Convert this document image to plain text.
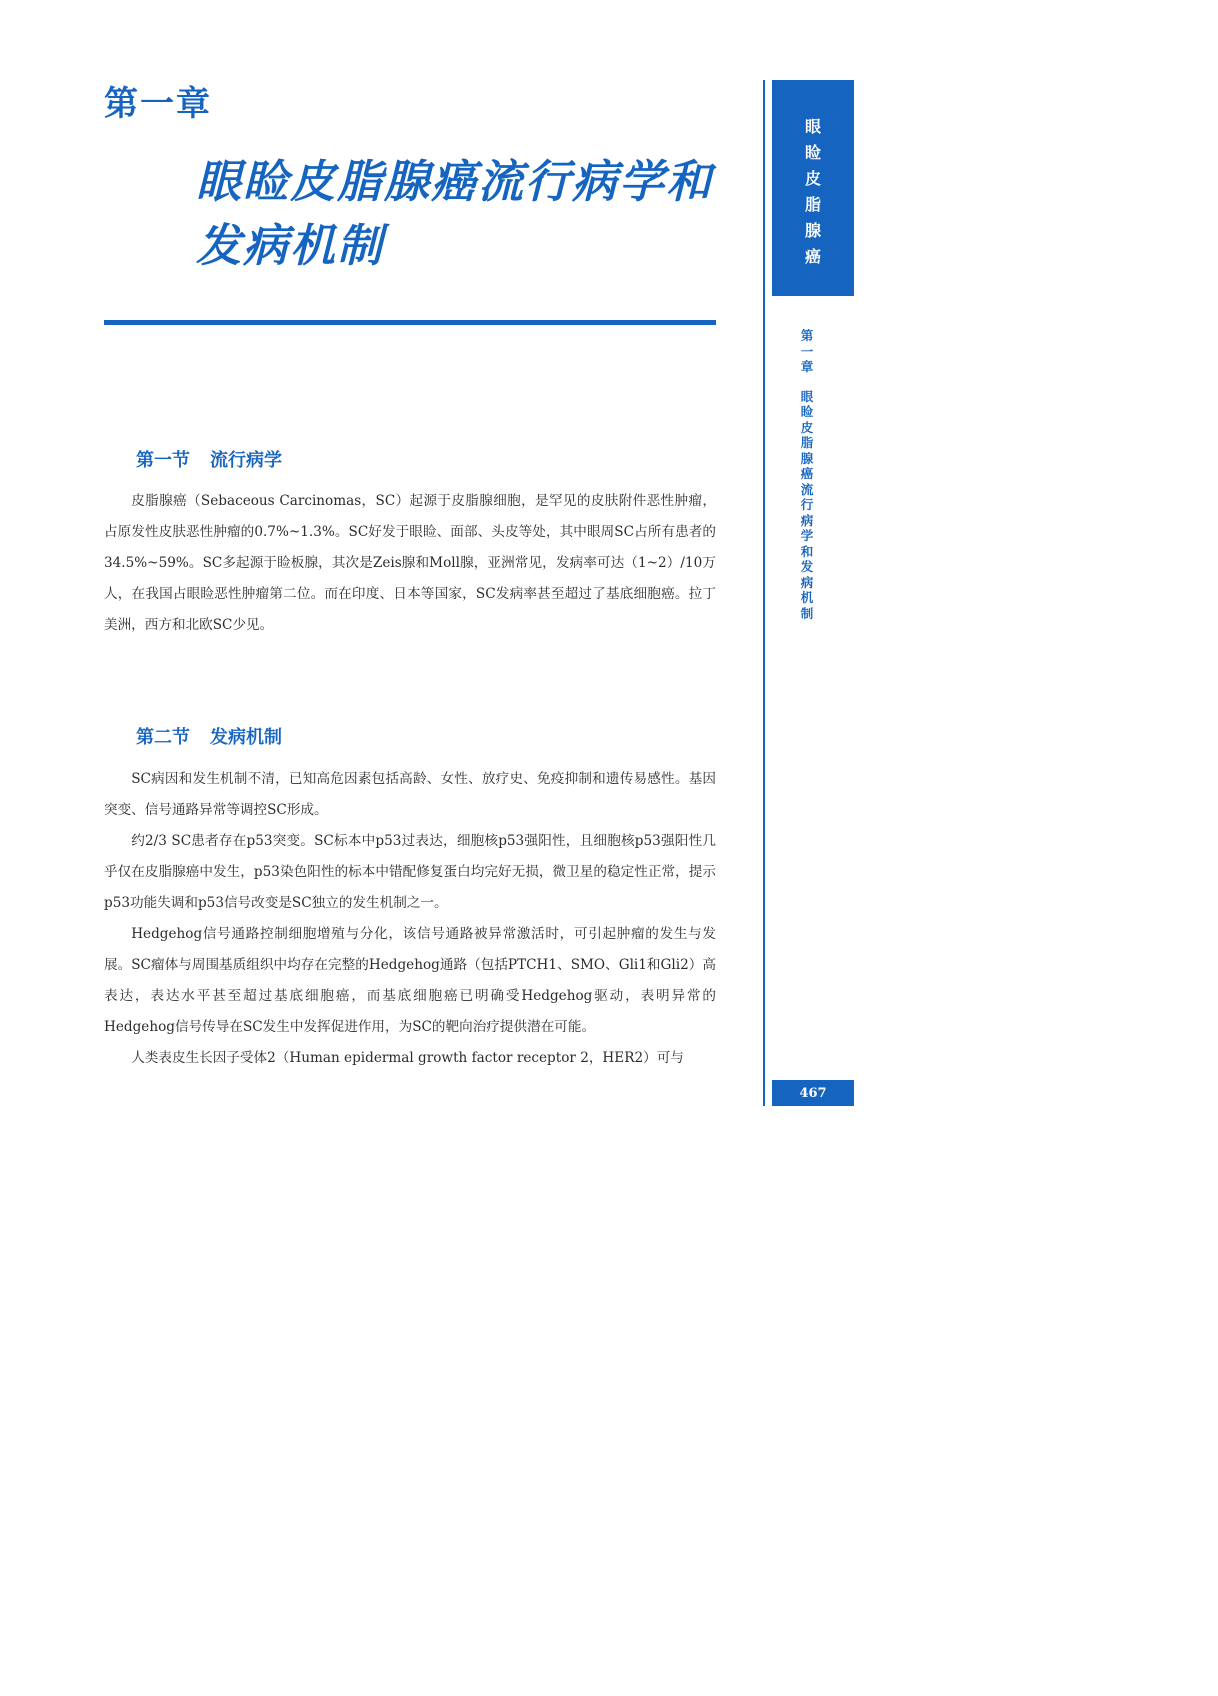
第一章
眼睑皮脂腺癌流行病学和
发病机制
第一节 流行病学

皮脂腺癌（Sebaceous Carcinomas，SC）起源于皮脂腺细胞，是罕见的皮肤附件恶性肿瘤，占原发性皮肤恶性肿瘤的0.7%~1.3%。SC好发于眼睑、面部、头皮等处，其中眼周SC占所有患者的34.5%~59%。SC多起源于睑板腺，其次是Zeis腺和Moll腺，亚洲常见，发病率可达（1~2）/10万人，在我国占眼睑恶性肿瘤第二位。而在印度、日本等国家，SC发病率甚至超过了基底细胞癌。拉丁美洲，西方和北欧SC少见。

第二节 发病机制

SC病因和发生机制不清，已知高危因素包括高龄、女性、放疗史、免疫抑制和遗传易感性。基因突变、信号通路异常等调控SC形成。

约2/3 SC患者存在p53突变。SC标本中p53过表达，细胞核p53强阳性，且细胞核p53强阳性几乎仅在皮脂腺癌中发生，p53染色阳性的标本中错配修复蛋白均完好无损，微卫星的稳定性正常，提示p53功能失调和p53信号改变是SC独立的发生机制之一。

Hedgehog信号通路控制细胞增殖与分化，该信号通路被异常激活时，可引起肿瘤的发生与发展。SC瘤体与周围基质组织中均存在完整的Hedgehog通路（包括PTCH1、SMO、Gli1和Gli2）高表达，表达水平甚至超过基底细胞癌，而基底细胞癌已明确受Hedgehog驱动，表明异常的Hedgehog信号传导在SC发生中发挥促进作用，为SC的靶向治疗提供潜在可能。

人类表皮生长因子受体2（Human epidermal growth factor receptor 2，HER2）可与

眼
睑
皮
脂
腺
癌
第
一
章
眼
睑
皮
脂
腺
癌
流
行
病
学
和
发
病
机
制
467
